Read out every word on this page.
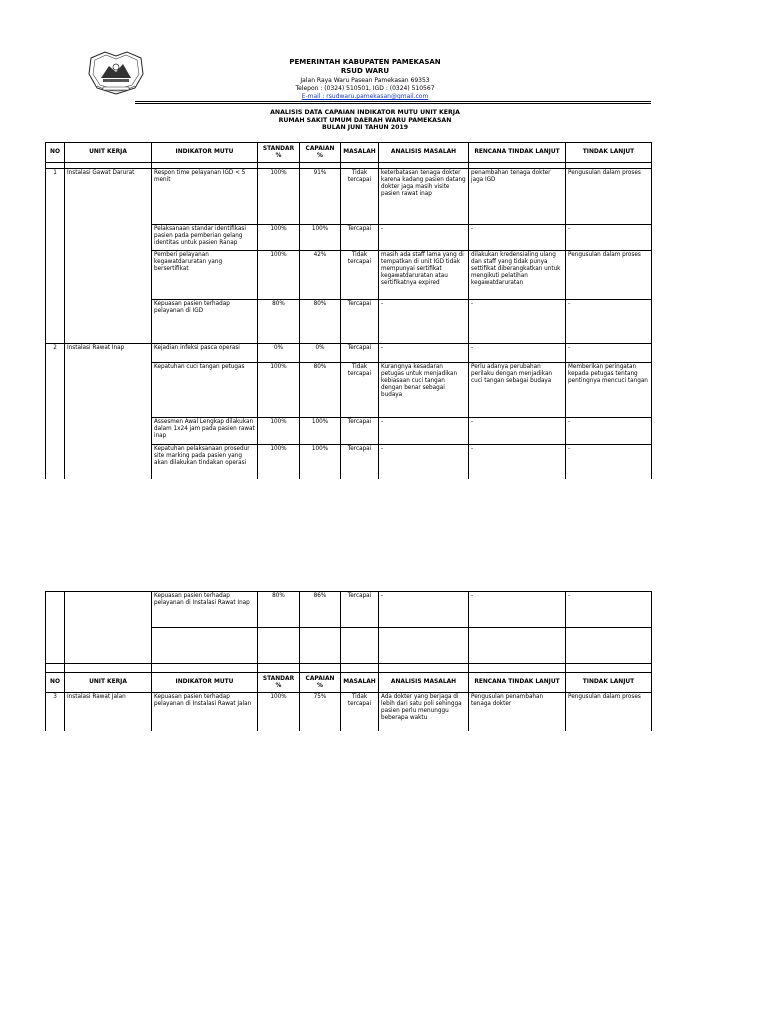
PEMERINTAH KABUPATEN PAMEKASAN
RSUD WARU
Jalan Raya Waru Pasean Pamekasan 69353
Telepon : (0324) 510501, IGD : (0324) 510567
E-mail : rsudwaru.pamekasan@gmail.com
ANALISIS DATA CAPAIAN INDIKATOR MUTU UNIT KERJA
RUMAH SAKIT UMUM DAERAH WARU PAMEKASAN
BULAN JUNI TAHUN 2019
NO	UNIT KERJA	INDIKATOR MUTU	STANDAR %	CAPAIAN %	MASALAH	ANALISIS MASALAH	RENCANA TINDAK LANJUT	TINDAK LANJUT

1	Instalasi Gawat Darurat	Respon time pelayanan IGD < 5 menit	100%	91%	Tidak tercapai	keterbatasan tenaga dokter karena kadang pasien datang dokter jaga masih visite pasien rawat inap	penambahan tenaga dokter jaga IGD	Pengusulan dalam proses
		Pelaksanaan standar identifikasi pasien pada pemberian gelang identitas untuk pasien Ranap	100%	100%	Tercapai	-	-	-
		Pemberi pelayanan kegawatdaruratan yang bersertifikat	100%	42%	Tidak tercapai	masih ada staff lama yang di tempatkan di unit IGD tidak mempunyai sertifikat kegawatdaruratan atau sertifikatnya expired	dilakukan kredensialing ulang dan staff yang tidak punya settifikat diberangkatkan untuk mengikuti pelatihan kegawatdaruratan	Pengusulan dalam proses
		Kepuasan pasien terhadap pelayanan di IGD	80%	80%	Tercapai	-	-	-
2	Instalasi Rawat Inap	Kejadian infeksi pasca operasi	0%	0%	Tercapai	-	-	-
		Kepatuhan cuci tangan petugas	100%	80%	Tidak tercapai	Kurangnya kesadaran petugas untuk menjadikan kebiasaan cuci tangan dengan benar sebagai budaya	Perlu adanya perubahan perilaku dengan menjadikan cuci tangan sebagai budaya	Memberikan peringatan kepada petugas tentang pentingnya mencuci tangan
		Assesmen Awal Lengkap dilakukan dalam 1x24 jam pada pasien rawat inap	100%	100%	Tercapai	-	-	-
		Kepatuhan pelaksanaan prosedur site marking pada pasien yang akan dilakukan tindakan operasi	100%	100%	Tercapai	-	-	-
		Kepuasan pasien terhadap pelayanan di Instalasi Rawat Inap	80%	86%	Tercapai	-	-	-

NO	UNIT KERJA	INDIKATOR MUTU	STANDAR %	CAPAIAN %	MASALAH	ANALISIS MASALAH	RENCANA TINDAK LANJUT	TINDAK LANJUT
3	Instalasi Rawat Jalan	Kepuasan pasien terhadap pelayanan di Instalasi Rawat Jalan	100%	75%	Tidak tercapai	Ada dokter yang berjaga di lebih dari satu poli sehingga pasien perlu menunggu beberapa waktu	Pengusulan penambahan tenaga dokter	Pengusulan dalam proses
